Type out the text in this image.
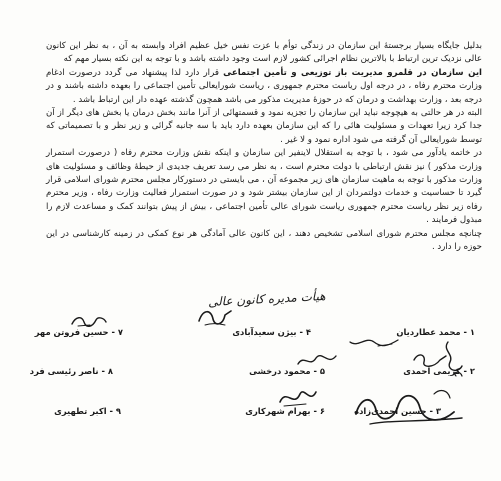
بدلیل جایگاه بسیار برجستهٔ این سازمان در زندگی توأم با عزت نفس خیل عظیم افراد وابسته به آن ، به نظر این کانون عالی نزدیک ترین ارتباط با بالاترین نظام اجرائی کشور لازم است وجود داشته باشد و با توجه به این نکته بسیار مهم که

این سازمان در قلمرو مدیریت باز توزیعی و تأمین اجتماعی قرار دارد لذا پیشنهاد می گردد درصورت ادغام وزارت محترم رفاه ، در درجه اول ریاست محترم جمهوری ، ریاست شورایعالی تأمین اجتماعی را بعهده داشته باشند و در درجه بعد ، وزارت بهداشت و درمان که در حوزهٔ مدیریت مذکور می باشد همچون گذشته عهده دار این ارتباط باشد .

البته در هر حالتی به هیچوجه نباید این سازمان را تجزیه نمود و قسمتهائی از آنرا مانند بخش درمان یا بخش های دیگر از آن جدا کرد زیرا تعهدات و مسئولیت هائی را که این سازمان بعهده دارد باید با سه جانبه گرائی و زیر نظر و با تصمیماتی که توسط شورایعالی آن گرفته می شود اداره نمود و لا غیر .

در خاتمه یادآور می شود ، با توجه به استقلال لاینفیر این سازمان و اینکه نقش وزارت محترم رفاه ( درصورت استمرار وزارت مذکور ) نیز نقش ارتباطی با دولت محترم است ، به نظر می رسد تعریف جدیدی از حیطهٔ وظائف و مسئولیت های وزارت مذکور با توجه به ماهیت سازمان های زیر مجموعه آن ، می بایستی در دستورکار مجلس محترم شورای اسلامی قرار گیرد تا حساسیت و خدمات دولتمردان از این سازمان بیشتر شود و در صورت استمرار فعالیت وزارت رفاه ، وزیر محترم رفاه زیر نظر ریاست محترم جمهوری ریاست شورای عالی تأمین اجتماعی ، بیش از پیش بتوانند کمک و مساعدت لازم را مبذول فرمایند .

چنانچه مجلس محترم شورای اسلامی تشخیص دهند ، این کانون عالی آمادگی هر نوع کمکی در زمینه کارشناسی در این حوزه را دارد .

هیأت مدیره کانون عالی
۱ - محمد عطاردیان
۲ - کریمی احمدی
۳ - حسین احمدی‌زاده
۴ - بیژن سعیدآبادی
۵ - محمود درخشی
۶ - بهرام شهرکاری
۷ - حسین فروتن مهر
۸ - ناصر رئیسی فرد
۹ - اکبر تطهیری
